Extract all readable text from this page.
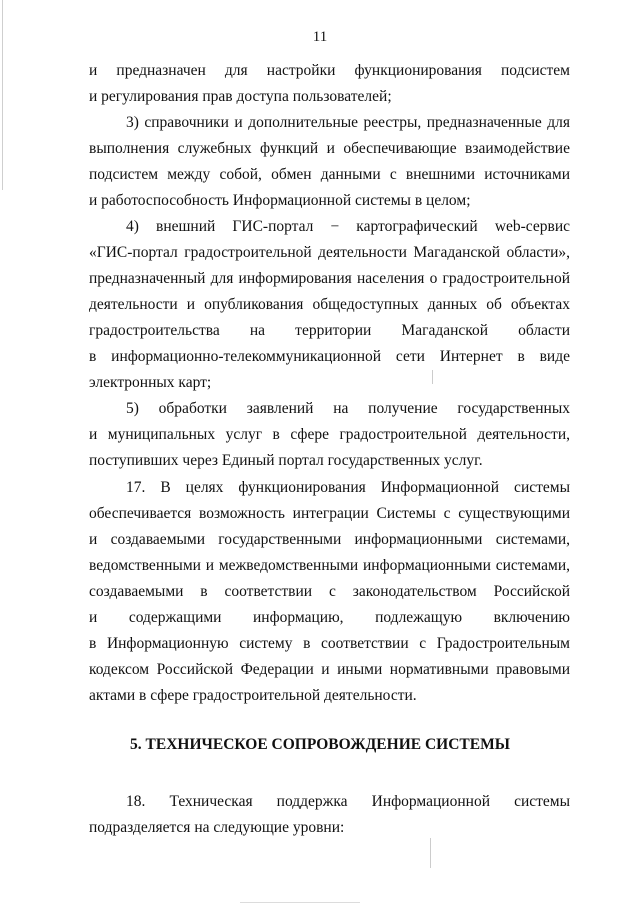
11
и предназначен для настройки функционирования подсистем
и регулирования прав доступа пользователей;
3) справочники и дополнительные реестры, предназначенные для
выполнения служебных функций и обеспечивающие взаимодействие
подсистем между собой, обмен данными с внешними источниками
и работоспособность Информационной системы в целом;
4) внешний ГИС-портал − картографический web-сервис
«ГИС-портал градостроительной деятельности Магаданской области»,
предназначенный для информирования населения о градостроительной
деятельности и опубликования общедоступных данных об объектах
градостроительства на территории Магаданской области
в информационно-телекоммуникационной сети Интернет в виде
электронных карт;
5) обработки заявлений на получение государственных
и муниципальных услуг в сфере градостроительной деятельности,
поступивших через Единый портал государственных услуг.
17. В целях функционирования Информационной системы
обеспечивается возможность интеграции Системы с существующими
и создаваемыми государственными информационными системами,
ведомственными и межведомственными информационными системами,
создаваемыми в соответствии с законодательством Российской
и содержащими информацию, подлежащую включению
в Информационную систему в соответствии с Градостроительным
кодексом Российской Федерации и иными нормативными правовыми
актами в сфере градостроительной деятельности.
5. ТЕХНИЧЕСКОЕ СОПРОВОЖДЕНИЕ СИСТЕМЫ
18. Техническая поддержка Информационной системы
подразделяется на следующие уровни:
